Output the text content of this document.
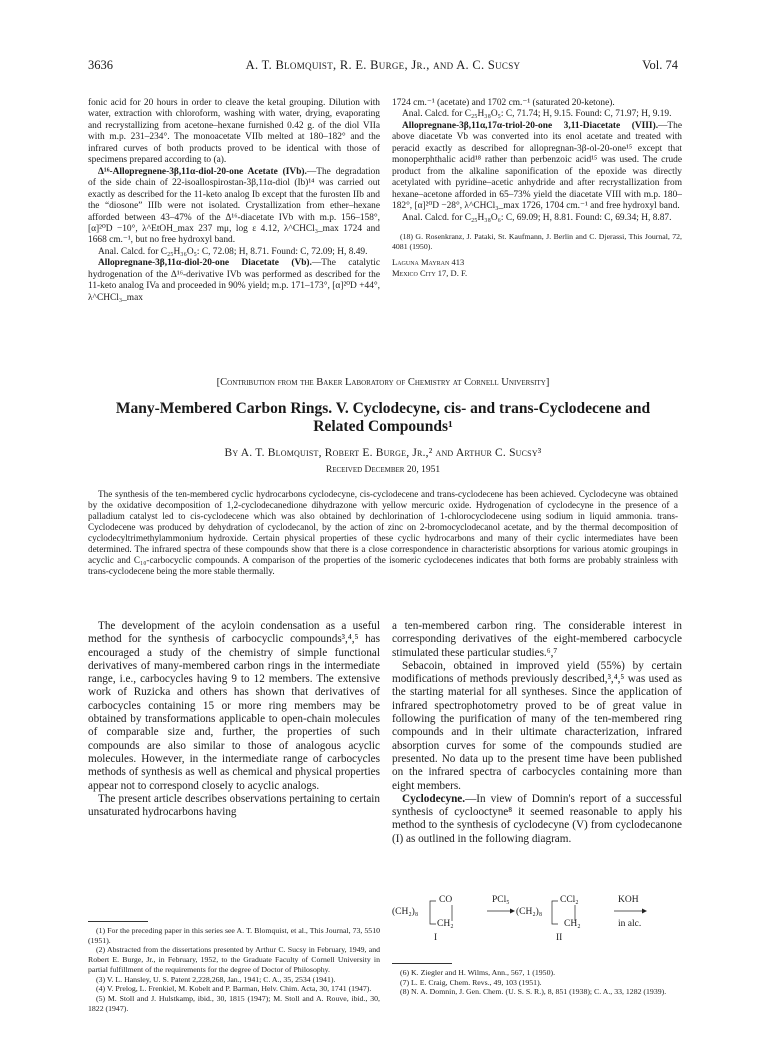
3636	A. T. Blomquist, R. E. Burge, Jr., and A. C. Sucsy	Vol. 74

fonic acid for 20 hours in order to cleave the ketal grouping. Dilution with water, extraction with chloroform, washing with water, drying, evaporating and recrystallizing from acetone–hexane furnished 0.42 g. of the diol VIIa with m.p. 231–234°. The monoacetate VIIb melted at 180–182° and the infrared curves of both products proved to be identical with those of specimens prepared according to (a).

Δ¹⁶-Allopregnene-3β,11α-diol-20-one Acetate (IVb).—The degradation of the side chain of 22-isoallospirostan-3β,11α-diol (Ib)¹⁴ was carried out exactly as described for the 11-keto analog Ib except that the furosten IIb and the “diosone” IIIb were not isolated. Crystallization from ether–hexane afforded between 43–47% of the Δ¹⁶-diacetate IVb with m.p. 156–158°, [α]²⁰D −10°, λ^EtOH_max 237 mμ, log ε 4.12, λ^CHCl₃_max 1724 and 1668 cm.⁻¹, but no free hydroxyl band.

Anal. Calcd. for C₂₅H₃₆O₅: C, 72.08; H, 8.71. Found: C, 72.09; H, 8.49.

Allopregnane-3β,11α-diol-20-one Diacetate (Vb).—The catalytic hydrogenation of the Δ¹⁶-derivative IVb was performed as described for the 11-keto analog IVa and proceeded in 90% yield; m.p. 171–173°, [α]²⁰D +44°, λ^CHCl₃_max

1724 cm.⁻¹ (acetate) and 1702 cm.⁻¹ (saturated 20-ketone).

Anal. Calcd. for C₂₅H₃₈O₅: C, 71.74; H, 9.15. Found: C, 71.97; H, 9.19.

Allopregnane-3β,11α,17α-triol-20-one 3,11-Diacetate (VIII).—The above diacetate Vb was converted into its enol acetate and treated with peracid exactly as described for allopregnan-3β-ol-20-one¹⁵ except that monoperphthalic acid¹⁸ rather than perbenzoic acid¹⁵ was used. The crude product from the alkaline saponification of the epoxide was directly acetylated with pyridine–acetic anhydride and after recrystallization from hexane–acetone afforded in 65–73% yield the diacetate VIII with m.p. 180–182°, [α]²⁰D −28°, λ^CHCl₃_max 1726, 1704 cm.⁻¹ and free hydroxyl band.

Anal. Calcd. for C₂₅H₃₈O₆: C, 69.09; H, 8.81. Found: C, 69.34; H, 8.87.

(18) G. Rosenkranz, J. Pataki, St. Kaufmann, J. Berlin and C. Djerassi, This Journal, 72, 4081 (1950).

Laguna Mayran 413
Mexico City 17, D. F.
[Contribution from the Baker Laboratory of Chemistry at Cornell University]
Many-Membered Carbon Rings. V. Cyclodecyne, cis- and trans-Cyclodecene and
Related Compounds¹
By A. T. Blomquist, Robert E. Burge, Jr.,² and Arthur C. Sucsy³
Received December 20, 1951

The synthesis of the ten-membered cyclic hydrocarbons cyclodecyne, cis-cyclodecene and trans-cyclodecene has been achieved. Cyclodecyne was obtained by the oxidative decomposition of 1,2-cyclodecanedione dihydrazone with yellow mercuric oxide. Hydrogenation of cyclodecyne in the presence of a palladium catalyst led to cis-cyclodecene which was also obtained by dechlorination of 1-chlorocyclodecene using sodium in liquid ammonia. trans-Cyclodecene was produced by dehydration of cyclodecanol, by the action of zinc on 2-bromocyclodecanol acetate, and by the thermal decomposition of cyclodecyltrimethylammonium hydroxide. Certain physical properties of these cyclic hydrocarbons and many of their cyclic intermediates have been determined. The infrared spectra of these compounds show that there is a close correspondence in characteristic absorptions for various atomic groupings in acyclic and C₁₀-carbocyclic compounds. A comparison of the properties of the isomeric cyclodecenes indicates that both forms are probably strainless with trans-cyclodecene being the more stable thermally.

The development of the acyloin condensation as a useful method for the synthesis of carbocyclic compounds³,⁴,⁵ has encouraged a study of the chemistry of simple functional derivatives of many-membered carbon rings in the intermediate range, i.e., carbocycles having 9 to 12 members. The extensive work of Ruzicka and others has shown that derivatives of carbocycles containing 15 or more ring members may be obtained by transformations applicable to open-chain molecules of comparable size and, further, the properties of such compounds are also similar to those of analogous acyclic molecules. However, in the intermediate range of carbocycles methods of synthesis as well as chemical and physical properties appear not to correspond closely to acyclic analogs.

The present article describes observations pertaining to certain unsaturated hydrocarbons having

(1) For the preceding paper in this series see A. T. Blomquist, et al., This Journal, 73, 5510 (1951).

(2) Abstracted from the dissertations presented by Arthur C. Sucsy in February, 1949, and Robert E. Burge, Jr., in February, 1952, to the Graduate Faculty of Cornell University in partial fulfillment of the requirements for the degree of Doctor of Philosophy.

(3) V. L. Hansley, U. S. Patent 2,228,268, Jan., 1941; C. A., 35, 2534 (1941).

(4) V. Prelog, L. Frenkiel, M. Kobelt and P. Barman, Helv. Chim. Acta, 30, 1741 (1947).

(5) M. Stoll and J. Hulstkamp, ibid., 30, 1815 (1947); M. Stoll and A. Rouve, ibid., 30, 1822 (1947).

a ten-membered carbon ring. The considerable interest in corresponding derivatives of the eight-membered carbocycle stimulated these particular studies.⁶,⁷

Sebacoin, obtained in improved yield (55%) by certain modifications of methods previously described,³,⁴,⁵ was used as the starting material for all syntheses. Since the application of infrared spectrophotometry proved to be of great value in following the purification of many of the ten-membered ring compounds and in their ultimate characterization, infrared absorption curves for some of the compounds studied are presented. No data up to the present time have been published on the infrared spectra of carbocycles containing more than eight members.

Cyclodecyne.—In view of Domnin's report of a successful synthesis of cyclooctyne⁸ it seemed reasonable to apply his method to the synthesis of cyclodecyne (V) from cyclodecanone (I) as outlined in the following diagram.

CO	PCl₅	CCl₂	KOH
(CH₂)₈	(CH₂)₈
CH₂	CH₂	in alc.
I	II

(6) K. Ziegler and H. Wilms, Ann., 567, 1 (1950).

(7) L. E. Craig, Chem. Revs., 49, 103 (1951).

(8) N. A. Domnin, J. Gen. Chem. (U. S. S. R.), 8, 851 (1938); C. A., 33, 1282 (1939).
